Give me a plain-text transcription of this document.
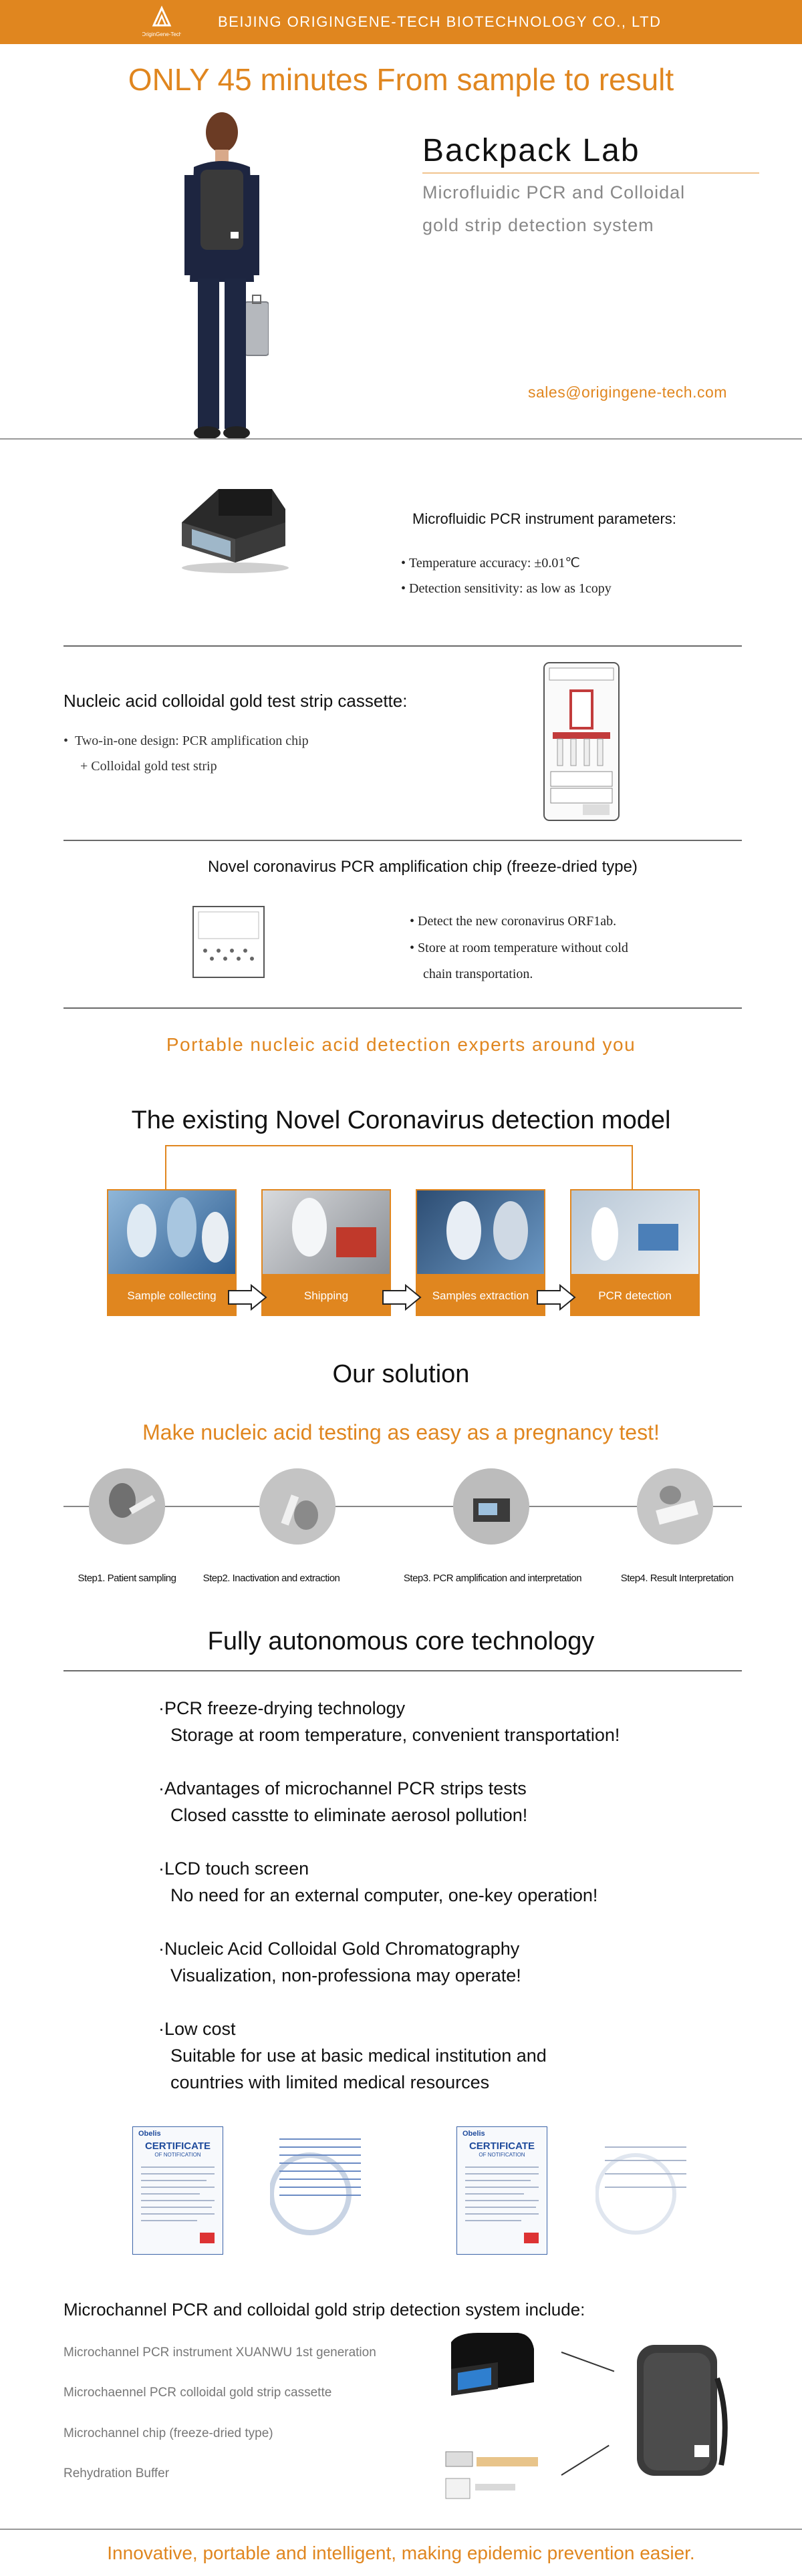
OriginGene-Tech
BEIJING ORIGINGENE-TECH BIOTECHNOLOGY CO., LTD
ONLY 45 minutes From sample to result
Backpack Lab
Microfluidic PCR and Colloidal
gold strip detection system
sales@origingene-tech.com
Microfluidic PCR instrument parameters:
• Temperature accuracy: ±0.01℃
• Detection sensitivity: as low as 1copy
Nucleic acid colloidal gold test strip cassette:
•  Two-in-one design: PCR amplification chip
+ Colloidal gold test strip
Novel coronavirus PCR amplification chip (freeze-dried type)
• Detect the new coronavirus ORF1ab.
• Store at room temperature without cold
chain transportation.
Portable nucleic acid detection experts around you
The existing Novel Coronavirus detection model
Sample collecting	Shipping	Samples extraction	PCR detection
Our solution
Make nucleic acid testing as easy as a pregnancy test!
Step1. Patient sampling	Step2. Inactivation and extraction	Step3. PCR amplification and interpretation	Step4. Result Interpretation
Fully autonomous core technology
·PCR freeze-drying technology
Storage at room temperature, convenient transportation!
·Advantages of microchannel PCR strips tests
Closed casstte to eliminate aerosol pollution!
·LCD touch screen
No need for an external computer, one-key operation!
·Nucleic Acid Colloidal Gold Chromatography
Visualization, non-professiona may operate!
·Low cost
Suitable for use at basic medical institution and
countries with limited medical resources
Obelis
CERTIFICATE
OF NOTIFICATION
Obelis
CERTIFICATE
OF NOTIFICATION
Microchannel PCR and colloidal gold strip detection system include:
Microchannel PCR instrument XUANWU 1st generation
Microchaennel PCR colloidal gold strip cassette
Microchannel chip (freeze-dried type)
Rehydration Buffer
Innovative, portable and intelligent, making epidemic prevention easier.
